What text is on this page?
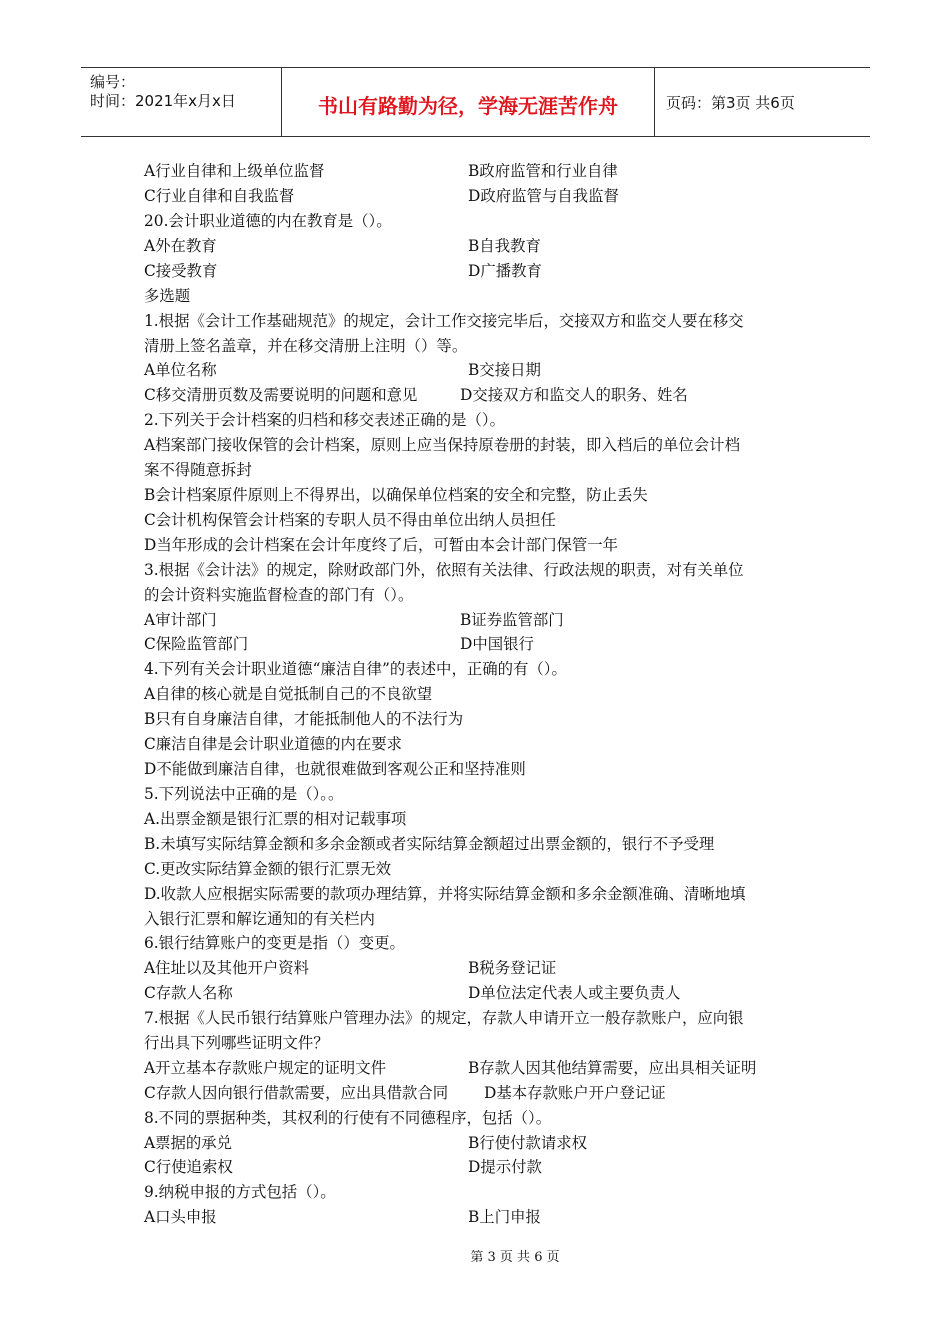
编号：
时间：2021年x月x日	书山有路勤为径，学海无涯苦作舟	页码：第3页 共6页
A行业自律和上级单位监督	B政府监管和行业自律
C行业自律和自我监督	D政府监管与自我监督
20.会计职业道德的内在教育是（）。
A外在教育	B自我教育
C接受教育	D广播教育
多选题
1.根据《会计工作基础规范》的规定，会计工作交接完毕后，交接双方和监交人要在移交
清册上签名盖章，并在移交清册上注明（）等。
A单位名称	B交接日期
C移交清册页数及需要说明的问题和意见	D交接双方和监交人的职务、姓名
2.下列关于会计档案的归档和移交表述正确的是（）。
A档案部门接收保管的会计档案，原则上应当保持原卷册的封装，即入档后的单位会计档
案不得随意拆封
B会计档案原件原则上不得界出，以确保单位档案的安全和完整，防止丢失
C会计机构保管会计档案的专职人员不得由单位出纳人员担任
D当年形成的会计档案在会计年度终了后，可暂由本会计部门保管一年
3.根据《会计法》的规定，除财政部门外，依照有关法律、行政法规的职责，对有关单位
的会计资料实施监督检查的部门有（）。
A审计部门	B证券监管部门
C保险监管部门	D中国银行
4.下列有关会计职业道德“廉洁自律”的表述中，正确的有（）。
A自律的核心就是自觉抵制自己的不良欲望
B只有自身廉洁自律，才能抵制他人的不法行为
C廉洁自律是会计职业道德的内在要求
D不能做到廉洁自律，也就很难做到客观公正和坚持准则
5.下列说法中正确的是（）。。
A.出票金额是银行汇票的相对记载事项
B.未填写实际结算金额和多余金额或者实际结算金额超过出票金额的，银行不予受理
C.更改实际结算金额的银行汇票无效
D.收款人应根据实际需要的款项办理结算，并将实际结算金额和多余金额准确、清晰地填
入银行汇票和解讫通知的有关栏内
6.银行结算账户的变更是指（）变更。
A住址以及其他开户资料	B税务登记证
C存款人名称	D单位法定代表人或主要负责人
7.根据《人民币银行结算账户管理办法》的规定，存款人申请开立一般存款账户，应向银
行出具下列哪些证明文件？
A开立基本存款账户规定的证明文件	B存款人因其他结算需要，应出具相关证明
C存款人因向银行借款需要，应出具借款合同 D基本存款账户开户登记证
8.不同的票据种类，其权利的行使有不同德程序，包括（）。
A票据的承兑	B行使付款请求权
C行使追索权	D提示付款
9.纳税申报的方式包括（）。
A口头申报	B上门申报
第 3 页 共 6 页
